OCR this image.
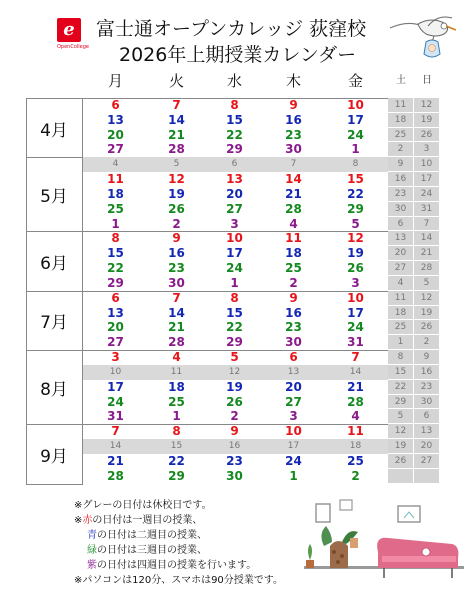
e
OpenCollege
富士通オープンカレッジ 荻窪校
2026年上期授業カレンダー
月	火	水	木	金	土	日
4月
6	7	8	9	10	11	12
13	14	15	16	17	18	19
20	21	22	23	24	25	26
27	28	29	30	1	2	3
5月
4	5	6	7	8	9	10
11	12	13	14	15	16	17
18	19	20	21	22	23	24
25	26	27	28	29	30	31
1	2	3	4	5	6	7
6月
8	9	10	11	12	13	14
15	16	17	18	19	20	21
22	23	24	25	26	27	28
29	30	1	2	3	4	5
7月
6	7	8	9	10	11	12
13	14	15	16	17	18	19
20	21	22	23	24	25	26
27	28	29	30	31	1	2
8月
3	4	5	6	7	8	9
10	11	12	13	14	15	16
17	18	19	20	21	22	23
24	25	26	27	28	29	30
31	1	2	3	4	5	6
9月
7	8	9	10	11	12	13
14	15	16	17	18	19	20
21	22	23	24	25	26	27
28	29	30	1	2
※グレーの日付は休校日です。
※赤の日付は一週目の授業、
青の日付は二週目の授業、
緑の日付は三週目の授業、
紫の日付は四週目の授業を行います。
※パソコンは120分、スマホは90分授業です。
